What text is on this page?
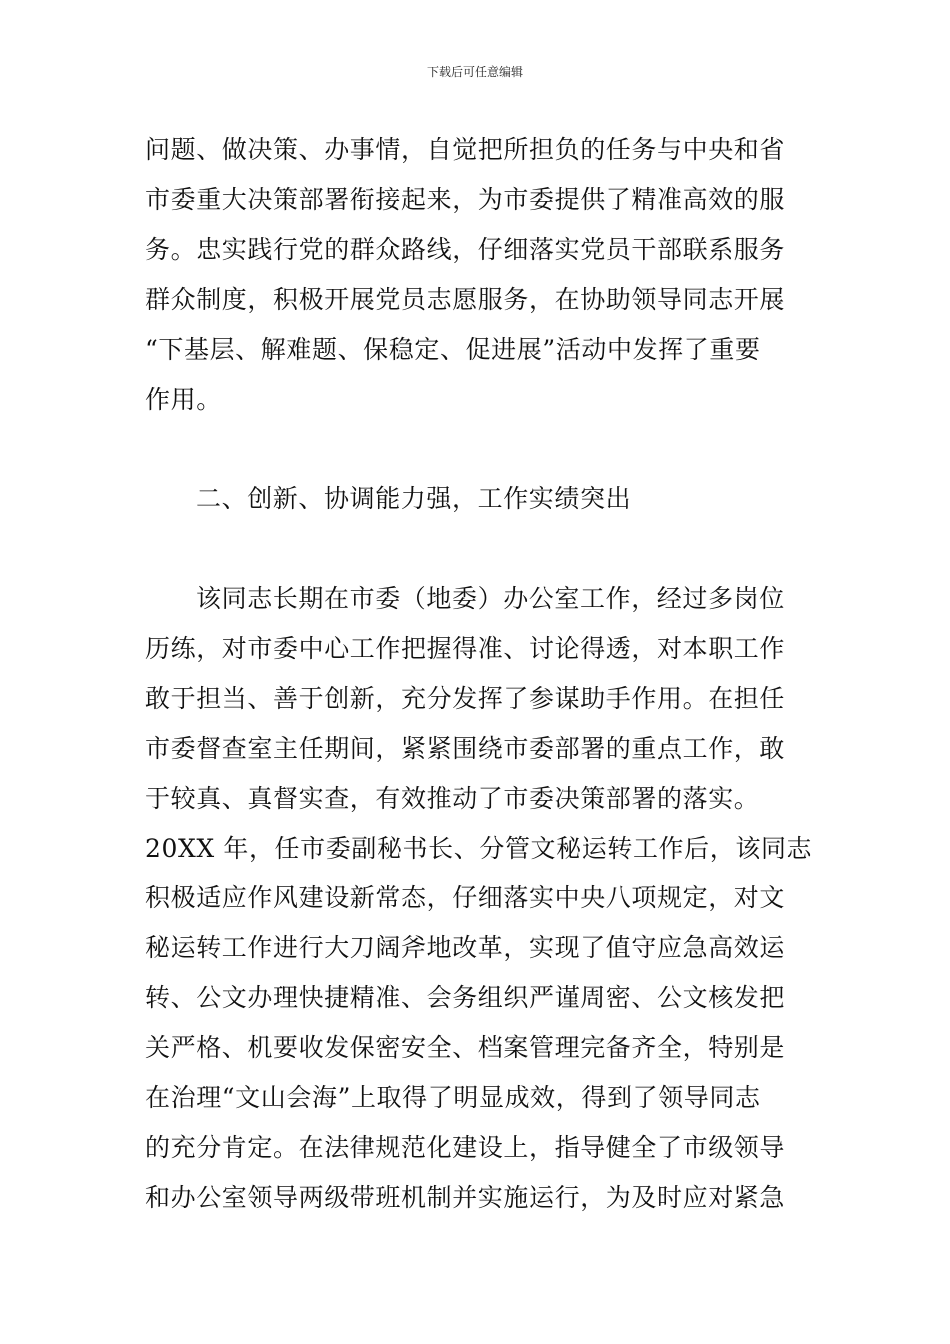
下载后可任意编辑
问题、做决策、办事情，自觉把所担负的任务与中央和省
市委重大决策部署衔接起来，为市委提供了精准高效的服
务。忠实践行党的群众路线，仔细落实党员干部联系服务
群众制度，积极开展党员志愿服务，在协助领导同志开展
“下基层、解难题、保稳定、促进展”活动中发挥了重要
作用。
二、创新、协调能力强，工作实绩突出
该同志长期在市委（地委）办公室工作，经过多岗位
历练，对市委中心工作把握得准、讨论得透，对本职工作
敢于担当、善于创新，充分发挥了参谋助手作用。在担任
市委督查室主任期间，紧紧围绕市委部署的重点工作，敢
于较真、真督实查，有效推动了市委决策部署的落实。
20XX 年，任市委副秘书长、分管文秘运转工作后，该同志
积极适应作风建设新常态，仔细落实中央八项规定，对文
秘运转工作进行大刀阔斧地改革，实现了值守应急高效运
转、公文办理快捷精准、会务组织严谨周密、公文核发把
关严格、机要收发保密安全、档案管理完备齐全，特别是
在治理“文山会海”上取得了明显成效，得到了领导同志
的充分肯定。在法律规范化建设上，指导健全了市级领导
和办公室领导两级带班机制并实施运行，为及时应对紧急
